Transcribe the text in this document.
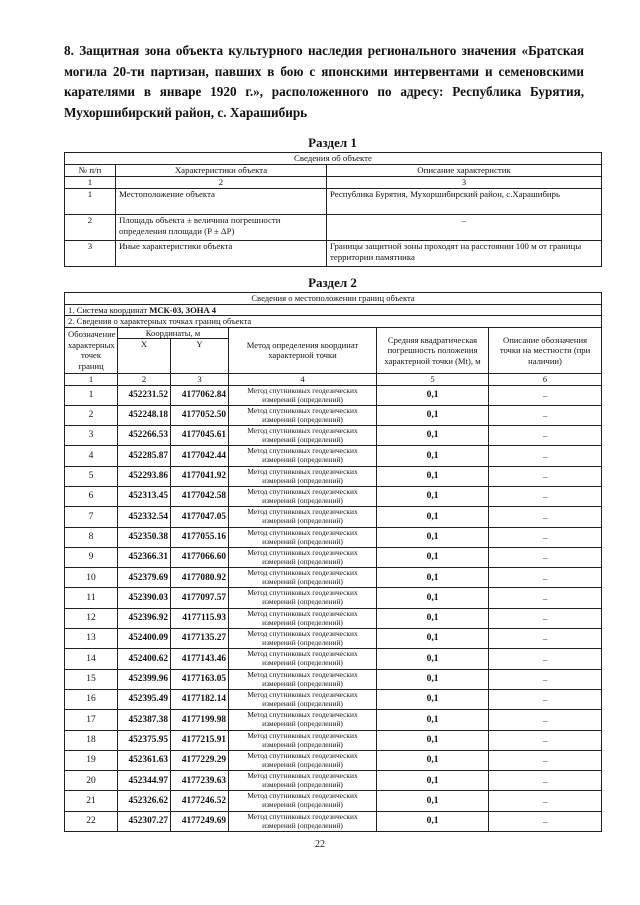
8. Защитная зона объекта культурного наследия регионального значения «Братская могила 20-ти партизан, павших в бою с японскими интервентами и семеновскими карателями в январе 1920 г.», расположенного по адресу: Республика Бурятия, Мухоршибирский район, с. Харашибирь
Раздел 1
Сведения об объекте		
№ п/п	Характеристики объекта	Описание характеристик
1	2	3
1	Местоположение объекта	Республика Бурятия, Мухоршибирский район, с.Харашибирь
2	Площадь объекта ± величина погрешности определения площади (P ± ΔP)	–
3	Иные характеристики объекта	Границы защитной зоны проходят на расстоянии 100 м от границы территории памятника
Раздел 2
Сведения о местоположении границ объекта					
1. Система координат МСК-03, ЗОНА 4					
2. Сведения о характерных точках границ объекта					
Обозначение характерных точек границ	Координаты, м		Метод определения координат характерной точки	Средняя квадратическая погрешность положения характерной точки (Mt), м	Описание обозначения точки на местности (при наличии)
	X	Y			
1	2	3	4	5	6
1	452231.52	4177062.84	Метод спутниковых геодезических измерений (определений)	0,1	–
2	452248.18	4177052.50	Метод спутниковых геодезических измерений (определений)	0,1	–
3	452266.53	4177045.61	Метод спутниковых геодезических измерений (определений)	0,1	–
4	452285.87	4177042.44	Метод спутниковых геодезических измерений (определений)	0,1	–
5	452293.86	4177041.92	Метод спутниковых геодезических измерений (определений)	0,1	–
6	452313.45	4177042.58	Метод спутниковых геодезических измерений (определений)	0,1	–
7	452332.54	4177047.05	Метод спутниковых геодезических измерений (определений)	0,1	–
8	452350.38	4177055.16	Метод спутниковых геодезических измерений (определений)	0,1	–
9	452366.31	4177066.60	Метод спутниковых геодезических измерений (определений)	0,1	–
10	452379.69	4177080.92	Метод спутниковых геодезических измерений (определений)	0,1	–
11	452390.03	4177097.57	Метод спутниковых геодезических измерений (определений)	0,1	–
12	452396.92	4177115.93	Метод спутниковых геодезических измерений (определений)	0,1	–
13	452400.09	4177135.27	Метод спутниковых геодезических измерений (определений)	0,1	–
14	452400.62	4177143.46	Метод спутниковых геодезических измерений (определений)	0,1	–
15	452399.96	4177163.05	Метод спутниковых геодезических измерений (определений)	0,1	–
16	452395.49	4177182.14	Метод спутниковых геодезических измерений (определений)	0,1	–
17	452387.38	4177199.98	Метод спутниковых геодезических измерений (определений)	0,1	–
18	452375.95	4177215.91	Метод спутниковых геодезических измерений (определений)	0,1	–
19	452361.63	4177229.29	Метод спутниковых геодезических измерений (определений)	0,1	–
20	452344.97	4177239.63	Метод спутниковых геодезических измерений (определений)	0,1	–
21	452326.62	4177246.52	Метод спутниковых геодезических измерений (определений)	0,1	–
22	452307.27	4177249.69	Метод спутниковых геодезических измерений (определений)	0,1	–
22
